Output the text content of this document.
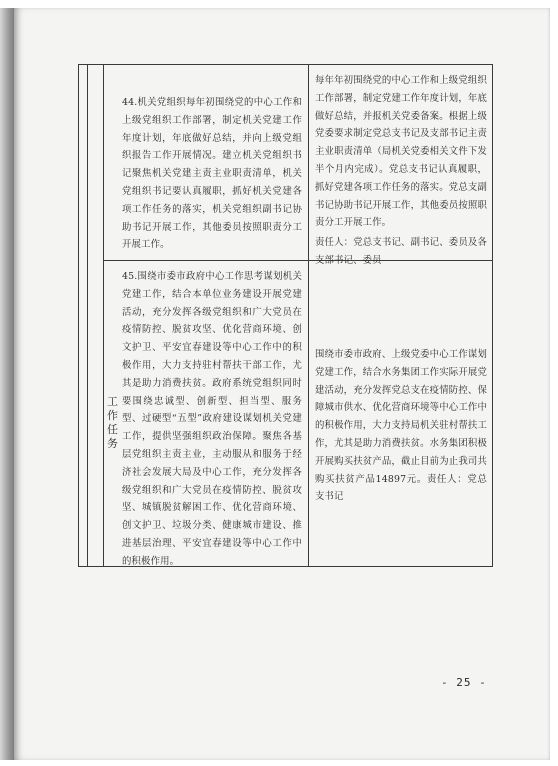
工作任务
44.机关党组织每年初围绕党的中心工作和上级党组织工作部署，制定机关党建工作年度计划，年底做好总结，并向上级党组织报告工作开展情况。建立机关党组织书记聚焦机关党建主责主业职责清单，机关党组织书记要认真履职，抓好机关党建各项工作任务的落实，机关党组织副书记协助书记开展工作，其他委员按照职责分工开展工作。
每年年初围绕党的中心工作和上级党组织工作部署，制定党建工作年度计划，年底做好总结，并报机关党委备案。根据上级党委要求制定党总支书记及支部书记主责主业职责清单（局机关党委相关文件下发半个月内完成）。党总支书记认真履职，抓好党建各项工作任务的落实。党总支副书记协助书记开展工作，其他委员按照职责分工开展工作。
责任人：党总支书记、副书记、委员及各支部书记、委员
45.围绕市委市政府中心工作思考谋划机关党建工作，结合本单位业务建设开展党建活动，充分发挥各级党组织和广大党员在疫情防控、脱贫攻坚、优化营商环境、创文护卫、平安宜春建设等中心工作中的积极作用，大力支持驻村帮扶干部工作，尤其是助力消费扶贫。政府系统党组织同时要围绕忠诚型、创新型、担当型、服务型、过硬型“五型”政府建设谋划机关党建工作，提供坚强组织政治保障。聚焦各基层党组织主责主业，主动服从和服务于经济社会发展大局及中心工作，充分发挥各级党组织和广大党员在疫情防控、脱贫攻坚、城镇脱贫解困工作、优化营商环境、创文护卫、垃圾分类、健康城市建设、推进基层治理、平安宜春建设等中心工作中的积极作用。
围绕市委市政府、上级党委中心工作谋划党建工作，结合水务集团工作实际开展党建活动，充分发挥党总支在疫情防控、保障城市供水、优化营商环境等中心工作中的积极作用，大力支持局机关驻村帮扶工作，尤其是助力消费扶贫。水务集团积极开展购买扶贫产品，截止目前为止我司共购买扶贫产品14897元。责任人：党总支书记
- 25 -
